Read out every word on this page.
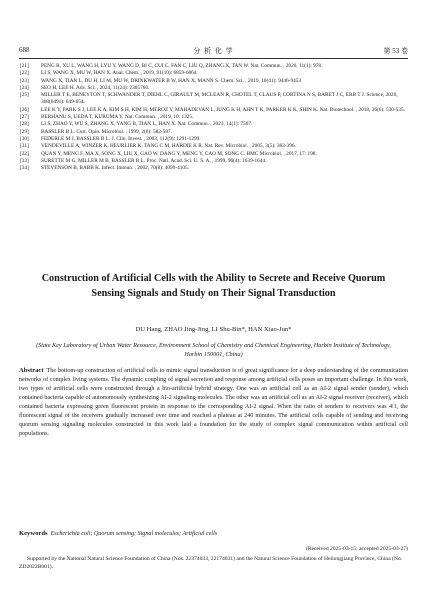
688	分 析 化 学	第 53 卷
[21]	PENG R, XU L, WANG H, LYU Y, WANG D, BI C, CUI C, FAN C, LIU Q, ZHANG X, TAN W. Nat. Commun. , 2020, 11(1): 978.
[22]	LI S, WANG X, MU W, HAN X. Anal. Chem. , 2019, 91(10): 6859-6864.
[23]	WANG X, TIAN L, DU H, LI M, MU W, DRINKWATER B W, HAN X, MANN S. Chem. Sci. , 2019, 10(41): 9446-9453.
[24]	SEO H, LEE H. Adv. Sci. , 2024, 11(24): 2305760.
[25]	MILLER T E, BENEYTON T, SCHWANDER T, DIEHL C, GIRAULT M, MCLEAN R, CHOTEL T, CLAUS P, CORTINA N S, BARET J C, ERB T J. Science, 2020, 368(6491): 649-654.
[26]	LEE K Y, PARK S J, LEE K A, KIM S H, KIM H, MEROZ Y, MAHADEVAN L, JUNG K H, AHN T K, PARKER K K, SHIN K. Nat. Biotechnol. , 2018, 36(6): 530-535.
[27]	BERHANU S, UEDA T, KURUMA Y. Nat. Commun. , 2019, 10: 1325.
[28]	LI S, ZHAO Y, WU S, ZHANG X, YANG B, TIAN L, HAN X. Nat. Commun. , 2023, 14(1): 7507.
[29]	BASSLER B L. Curr. Opin. Microbiol. , 1999, 2(6): 582-587.
[30]	FEDERLE M J, BASSLER B L. J. Clin. Invest. , 2003, 112(9): 1291-1299.
[31]	VENDEVILLE A, WINZER K, HEURLIER K, TANG C M, HARDIE K R. Nat. Rev. Microbiol. , 2005, 3(5): 383-396.
[32]	QUAN Y, MENG F, MA X, SONG X, LIU X, GAO W, DANG Y, MENG Y, CAO M, SONG C. BMC Microbiol. , 2017, 17: 198.
[33]	SURETTE M G, MILLER M B, BASSLER B L. Proc. Natl. Acad. Sci. U. S. A. , 1999, 96(4): 1639-1644.
[34]	STEVENSON B, BABB K. Infect. Immun. , 2002, 70(8): 4099-4105.
Construction of Artificial Cells with the Ability to Secrete and Receive Quorum Sensing Signals and Study on Their Signal Transduction
DU Hang, ZHAO Jing-Jing, LI Shu-Bin*, HAN Xiao-Jun*
(State Key Laboratory of Urban Water Resource, Environment School of Chemistry and Chemical Engineering, Harbin Institute of Technology, Harbin 150001, China)
Abstract The bottom-up construction of artificial cells to mimic signal transduction is of great significance for a deep understanding of the communication networks of complex living systems. The dynamic coupling of signal secretion and response among artificial cells poses an important challenge. In this work, two types of artificial cells were constructed through a bio-artificial hybrid strategy. One was an artificial cell as an AI-2 signal sender (sender), which contained bacteria capable of autonomously synthesizing AI-2 signaling molecules. The other was an artificial cell as an AI-2 signal receiver (receiver), which contained bacteria expressing green fluorescent protein in response to the corresponding AI-2 signal. When the ratio of senders to receivers was 4∶1, the fluorescent signal of the receivers gradually increased over time and reached a plateau at 240 minutes. The artificial cells capable of sending and receiving quorum sensing signaling molecules constructed in this work laid a foundation for the study of complex signal communication within artificial cell populations.
Keywords Escherichia coli; Quorum sensing; Signal molecules; Artificial cells
(Received 2025-03-15; accepted 2025-03-27)
Supported by the National Natural Science Foundation of China (Nos. 22374033, 22174031) and the Natural Science Foundation of Heilongjiang Province, China (No. ZD2022B001).
